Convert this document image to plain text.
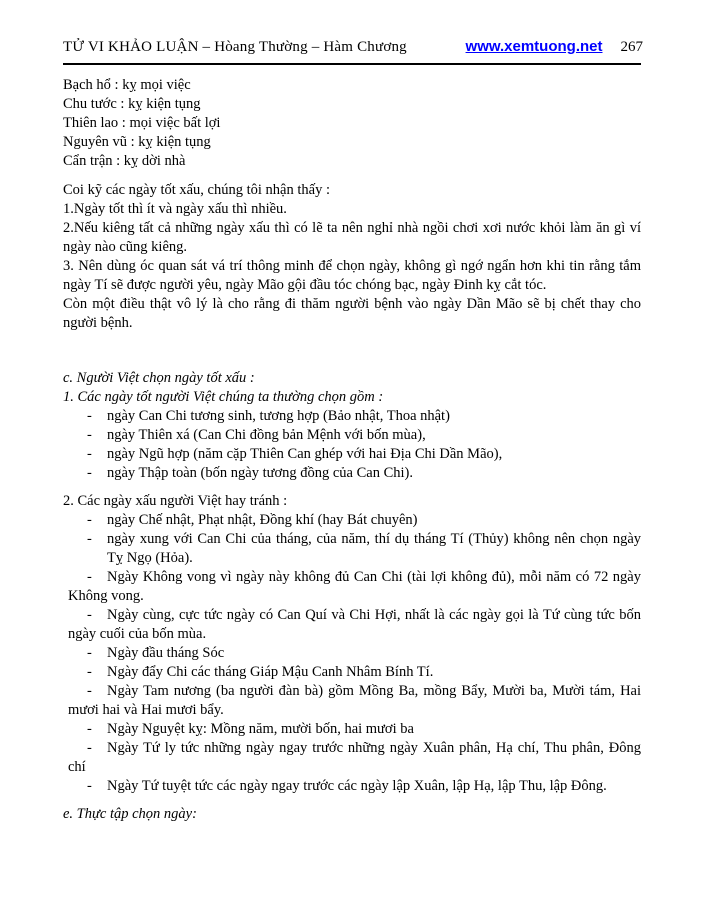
TỬ VI KHẢO LUẬN – Hòang Thường – Hàm Chương	www.xemtuong.net 267

Bạch hổ : kỵ mọi việc

Chu tước : kỵ kiện tụng

Thiên lao : mọi việc bất lợi

Nguyên vũ : kỵ kiện tụng

Cẩn trận : kỵ dời nhà

Coi kỹ các ngày tốt xấu, chúng tôi nhận thấy :

1.Ngày tốt thì ít và ngày xấu thì nhiều.

2.Nếu kiêng tất cả những ngày xấu thì có lẽ ta nên nghỉ nhà ngồi chơi xơi nước khỏi làm ăn gì ví ngày nào cũng kiêng.

3. Nên dùng óc quan sát vá trí thông minh để chọn ngày, không gì ngớ ngẩn hơn khi tin rằng tắm ngày Tí sẽ được người yêu, ngày Mão gội đầu tóc chóng bạc, ngày Đinh kỵ cắt tóc.

Còn một điều thật vô lý là cho rằng đi thăm người bệnh vào ngày Dần Mão sẽ bị chết thay cho người bệnh.

c. Người Việt chọn ngày tốt xấu :

1. Các ngày tốt người Việt chúng ta thường chọn gồm :

- ngày Can Chi tương sinh, tương hợp (Bảo nhật, Thoa nhật)
- ngày Thiên xá (Can Chi đồng bản Mệnh với bốn mùa),
- ngày Ngũ hợp (năm cặp Thiên Can ghép với hai Địa Chi Dần Mão),
- ngày Thập toàn (bốn ngày tương đồng của Can Chi).

2. Các ngày xấu người Việt hay tránh :

- ngày Chế nhật, Phạt nhật, Đồng khí (hay Bát chuyên)
- ngày xung với Can Chi của tháng, của năm, thí dụ tháng Tí (Thủy) không nên chọn ngày Tỵ Ngọ (Hỏa).
- Ngày Không vong vì ngày này không đủ Can Chi (tài lợi không đủ), mỗi năm có 72 ngày Không vong.
- Ngày cùng, cực tức ngày có Can Quí và Chi Hợi, nhất là các ngày gọi là Tứ cùng tức bốn ngày cuối của bốn mùa.
- Ngày đầu tháng Sóc
- Ngày đẩy Chi các tháng Giáp Mậu Canh Nhâm Bính Tí.
- Ngày Tam nương (ba người đàn bà) gồm Mồng Ba, mồng Bẩy, Mười ba, Mười tám, Hai mươi hai và Hai mươi bẩy.
- Ngày Nguyệt kỵ: Mồng năm, mười bốn, hai mươi ba
- Ngày Tứ ly tức những ngày ngay trước những ngày Xuân phân, Hạ chí, Thu phân, Đông chí
- Ngày Tứ tuyệt tức các ngày ngay trước các ngày lập Xuân, lập Hạ, lập Thu, lập Đông.

e. Thực tập chọn ngày:
